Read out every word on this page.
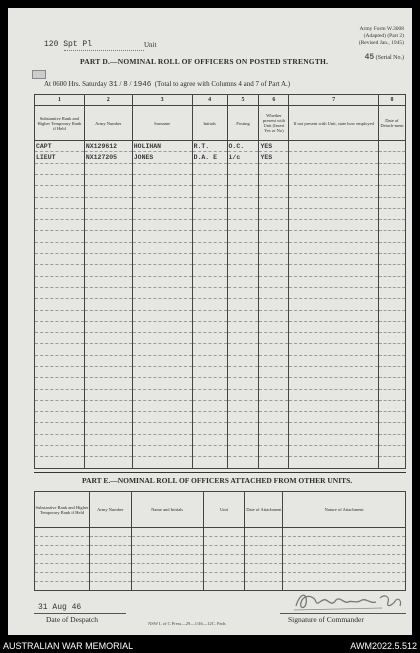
120 Spt Pl	Unit
Army Form W.3008
(Adapted) (Part 2)
(Revised Jan., 1945)
45 (Serial No.)
PART D.—NOMINAL ROLL OF OFFICERS ON POSTED STRENGTH.
At 0600 Hrs. Saturday 31 / 8 / 1946 (Total to agree with Columns 4 and 7 of Part A.)
1	2	3	4	5	6	7	8
Substantive Rank and Higher Temporary Rank if Held	Army Number	Surname	Initials	Posting	Whether present with Unit (Insert Yes or No)	If not present with Unit, state how employed	Date of Detach-ment
CAPT	NX129612	HOLIHAN	R.T.	O.C.	YES		
LIEUT	NX127205	JONES	D.A. E	i/c	YES		

PART E.—NOMINAL ROLL OF OFFICERS ATTACHED FROM OTHER UNITS.
Substantive Rank and Higher Temporary Rank if Held	Army Number	Name and Initials	Unit	Date of Attachment	Nature of Attachment

31 Aug 46
Date of Despatch	NSW L of C Press—29—1/46—12C. Pads	Signature of Commander
AUSTRALIAN WAR MEMORIAL	AWM2022.5.512
